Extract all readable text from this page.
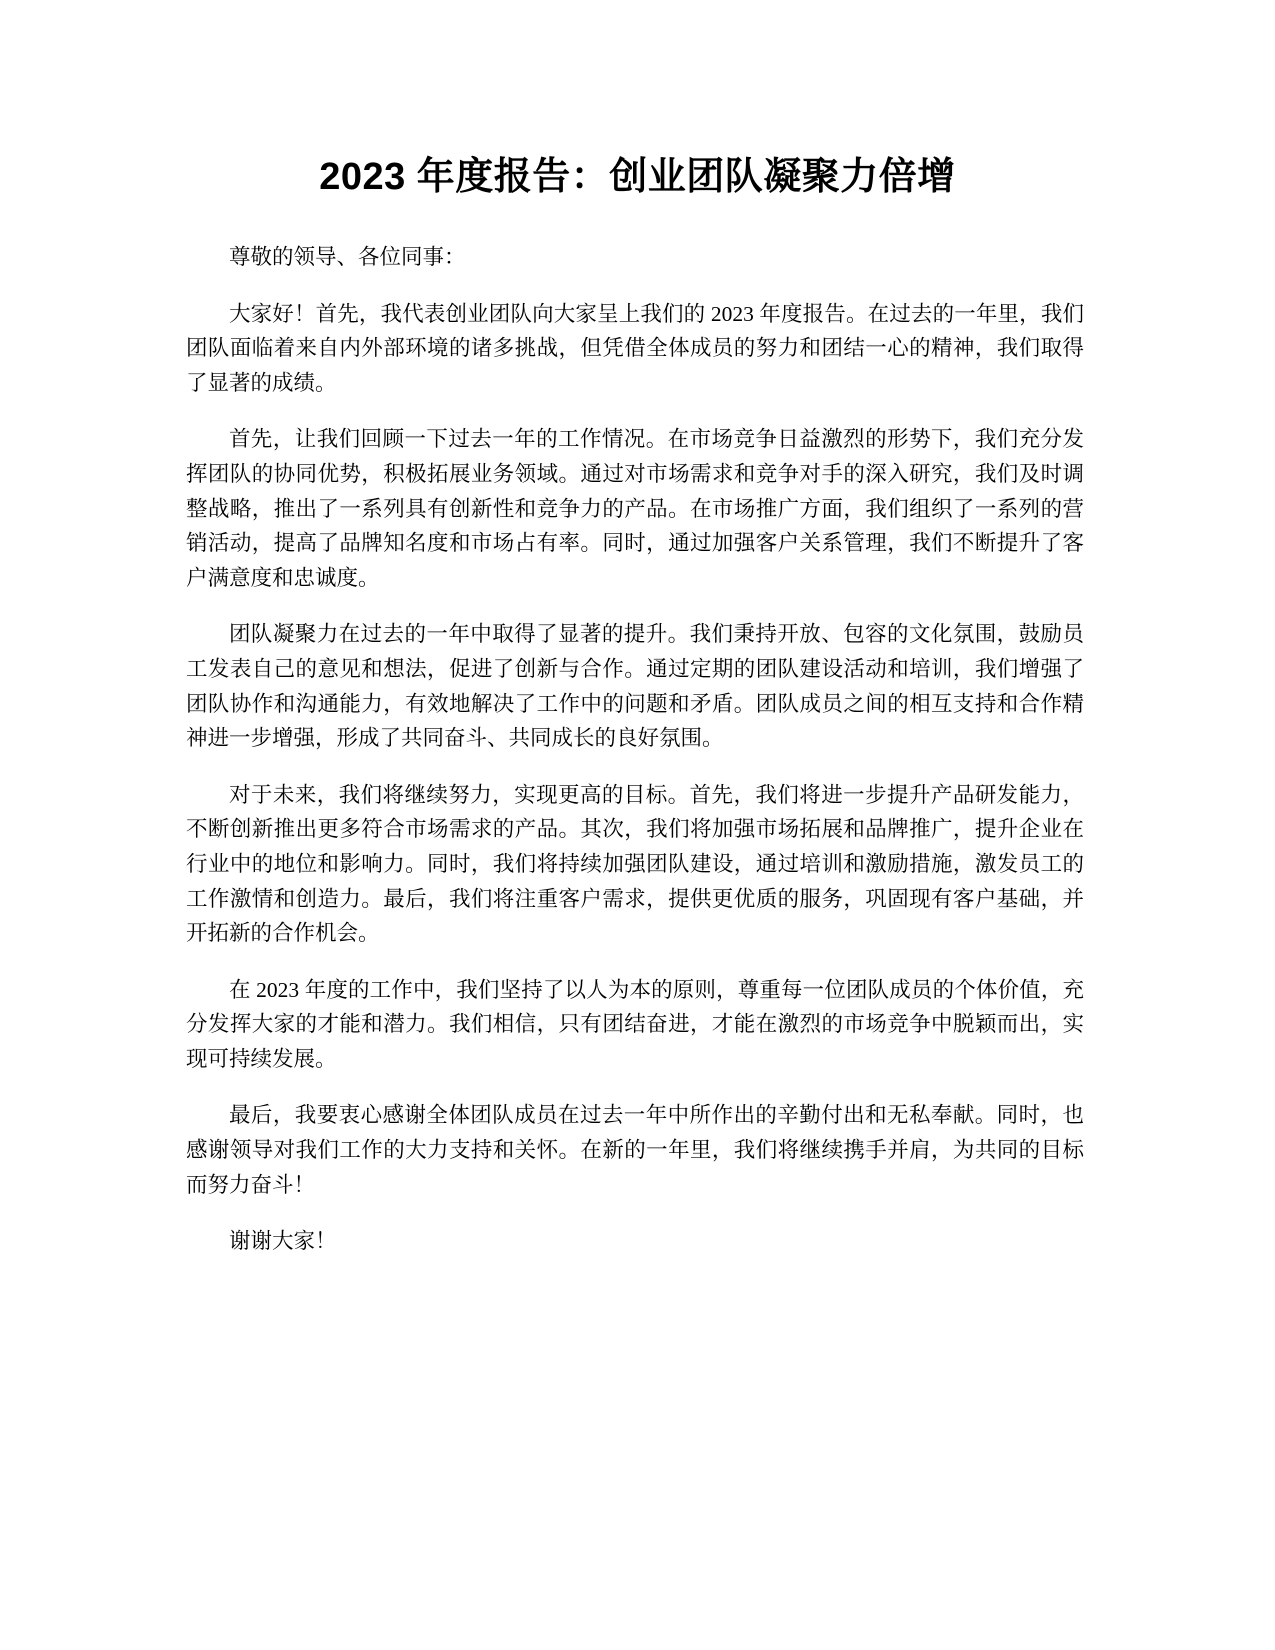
2023 年度报告：创业团队凝聚力倍增

尊敬的领导、各位同事：

大家好！首先，我代表创业团队向大家呈上我们的 2023 年度报告。在过去的一年里，我们团队面临着来自内外部环境的诸多挑战，但凭借全体成员的努力和团结一心的精神，我们取得了显著的成绩。

首先，让我们回顾一下过去一年的工作情况。在市场竞争日益激烈的形势下，我们充分发挥团队的协同优势，积极拓展业务领域。通过对市场需求和竞争对手的深入研究，我们及时调整战略，推出了一系列具有创新性和竞争力的产品。在市场推广方面，我们组织了一系列的营销活动，提高了品牌知名度和市场占有率。同时，通过加强客户关系管理，我们不断提升了客户满意度和忠诚度。

团队凝聚力在过去的一年中取得了显著的提升。我们秉持开放、包容的文化氛围，鼓励员工发表自己的意见和想法，促进了创新与合作。通过定期的团队建设活动和培训，我们增强了团队协作和沟通能力，有效地解决了工作中的问题和矛盾。团队成员之间的相互支持和合作精神进一步增强，形成了共同奋斗、共同成长的良好氛围。

对于未来，我们将继续努力，实现更高的目标。首先，我们将进一步提升产品研发能力，不断创新推出更多符合市场需求的产品。其次，我们将加强市场拓展和品牌推广，提升企业在行业中的地位和影响力。同时，我们将持续加强团队建设，通过培训和激励措施，激发员工的工作激情和创造力。最后，我们将注重客户需求，提供更优质的服务，巩固现有客户基础，并开拓新的合作机会。

在 2023 年度的工作中，我们坚持了以人为本的原则，尊重每一位团队成员的个体价值，充分发挥大家的才能和潜力。我们相信，只有团结奋进，才能在激烈的市场竞争中脱颖而出，实现可持续发展。

最后，我要衷心感谢全体团队成员在过去一年中所作出的辛勤付出和无私奉献。同时，也感谢领导对我们工作的大力支持和关怀。在新的一年里，我们将继续携手并肩，为共同的目标而努力奋斗！

谢谢大家！
